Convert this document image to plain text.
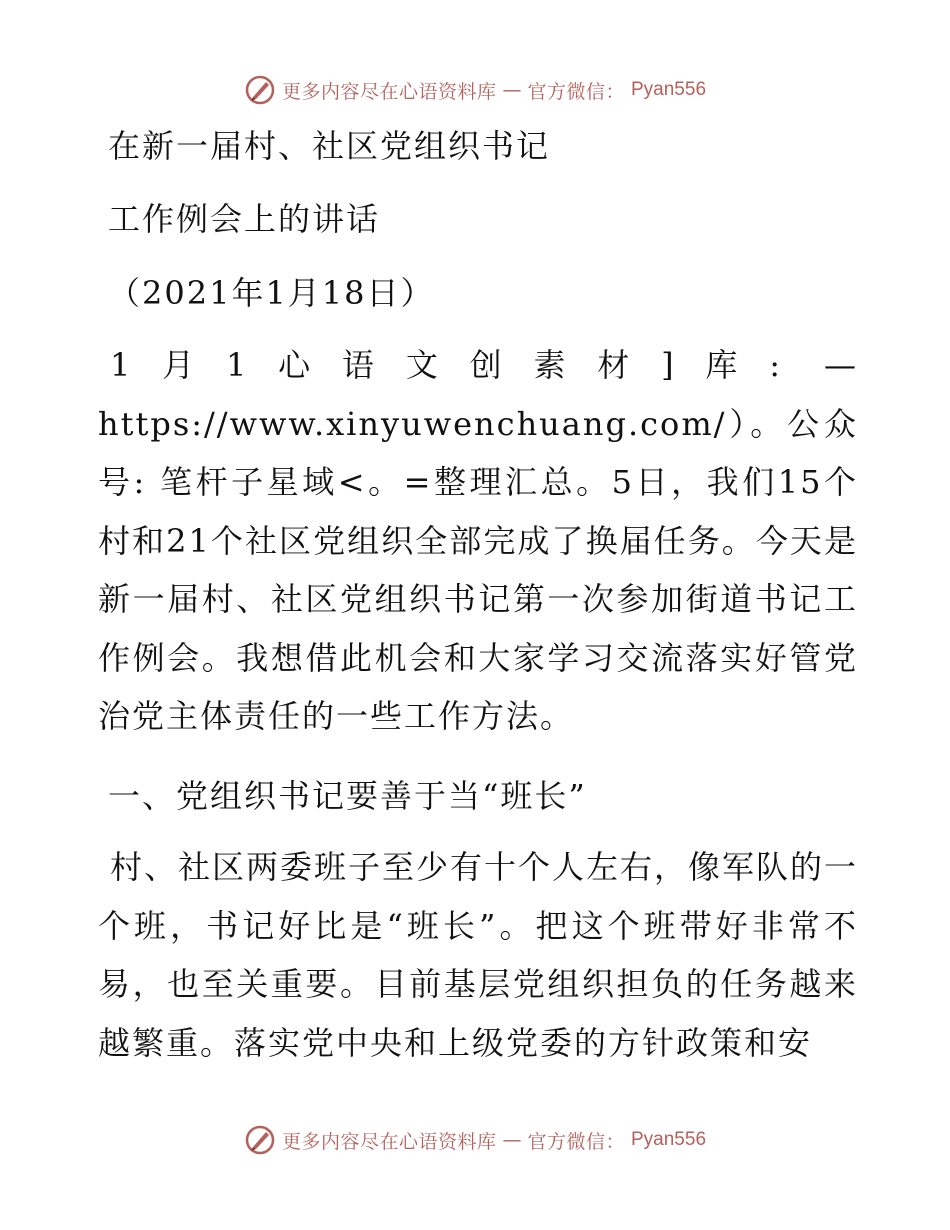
更多内容尽在心语资料库 — 官方微信： Pyan556
在新一届村、社区党组织书记
工作例会上的讲话
（2021年1月18日）

1月1心语文创素材]库: —https://www.xinyuwenchuang.com/）。公众号: 笔杆子星域<。=整理汇总。5日，我们15个村和21个社区党组织全部完成了换届任务。今天是新一届村、社区党组织书记第一次参加街道书记工作例会。我想借此机会和大家学习交流落实好管党治党主体责任的一些工作方法。

一、党组织书记要善于当“班长”

村、社区两委班子至少有十个人左右，像军队的一个班，书记好比是“班长”。把这个班带好非常不易，也至关重要。目前基层党组织担负的任务越来越繁重。落实党中央和上级党委的方针政策和安

更多内容尽在心语资料库 — 官方微信： Pyan556
